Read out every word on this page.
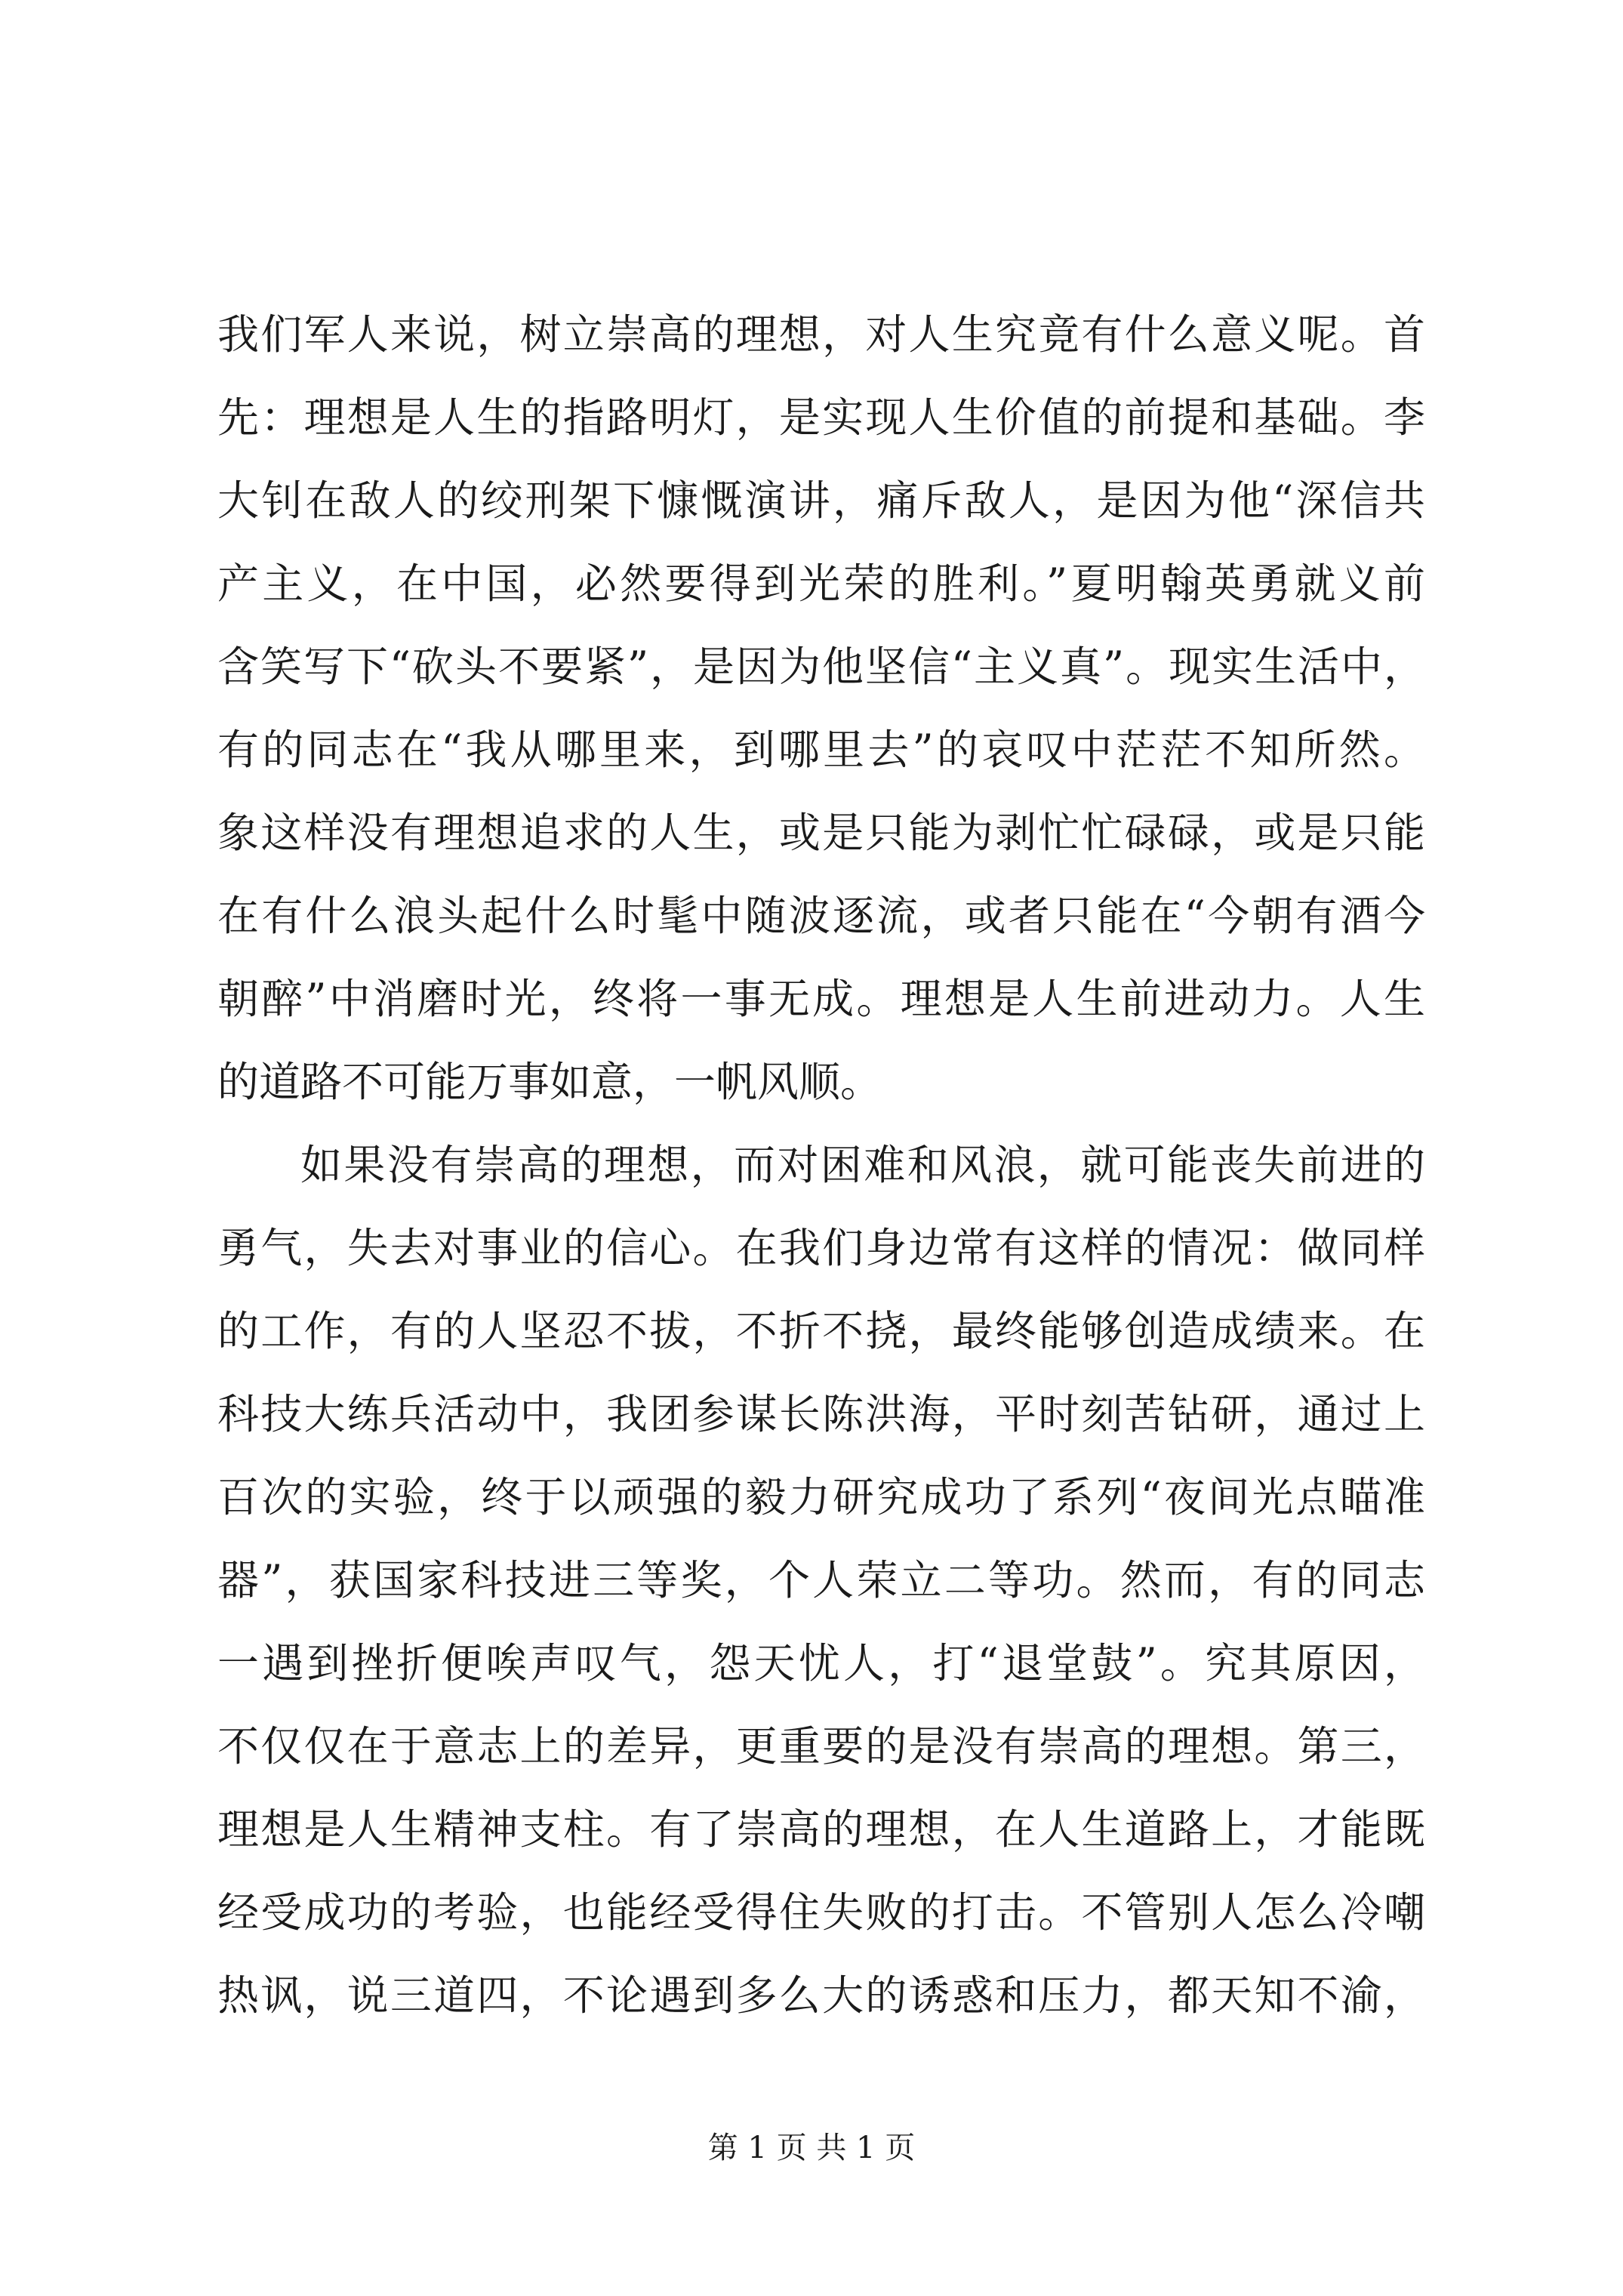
我们军人来说，树立崇高的理想，对人生究竟有什么意义呢。首
先：理想是人生的指路明灯，是实现人生价值的前提和基础。李
大钊在敌人的绞刑架下慷慨演讲，痛斥敌人，是因为他“深信共
产主义，在中国，必然要得到光荣的胜利。”夏明翰英勇就义前
含笑写下“砍头不要紧”，是因为他坚信“主义真”。现实生活中，
有的同志在“我从哪里来，到哪里去”的哀叹中茫茫不知所然。
象这样没有理想追求的人生，或是只能为剥忙忙碌碌，或是只能
在有什么浪头起什么时髦中随波逐流，或者只能在“今朝有酒今
朝醉”中消磨时光，终将一事无成。理想是人生前进动力。人生
的道路不可能万事如意，一帆风顺。
如果没有崇高的理想，而对困难和风浪，就可能丧失前进的
勇气，失去对事业的信心。在我们身边常有这样的情况：做同样
的工作，有的人坚忍不拔，不折不挠，最终能够创造成绩来。在
科技大练兵活动中，我团参谋长陈洪海，平时刻苦钻研，通过上
百次的实验，终于以顽强的毅力研究成功了系列“夜间光点瞄准
器”，获国家科技进三等奖，个人荣立二等功。然而，有的同志
一遇到挫折便唉声叹气，怨天忧人，打“退堂鼓”。究其原因，
不仅仅在于意志上的差异，更重要的是没有崇高的理想。第三，
理想是人生精神支柱。有了崇高的理想，在人生道路上，才能既
经受成功的考验，也能经受得住失败的打击。不管别人怎么冷嘲
热讽，说三道四，不论遇到多么大的诱惑和压力，都天知不渝，
第 1 页 共 1 页
